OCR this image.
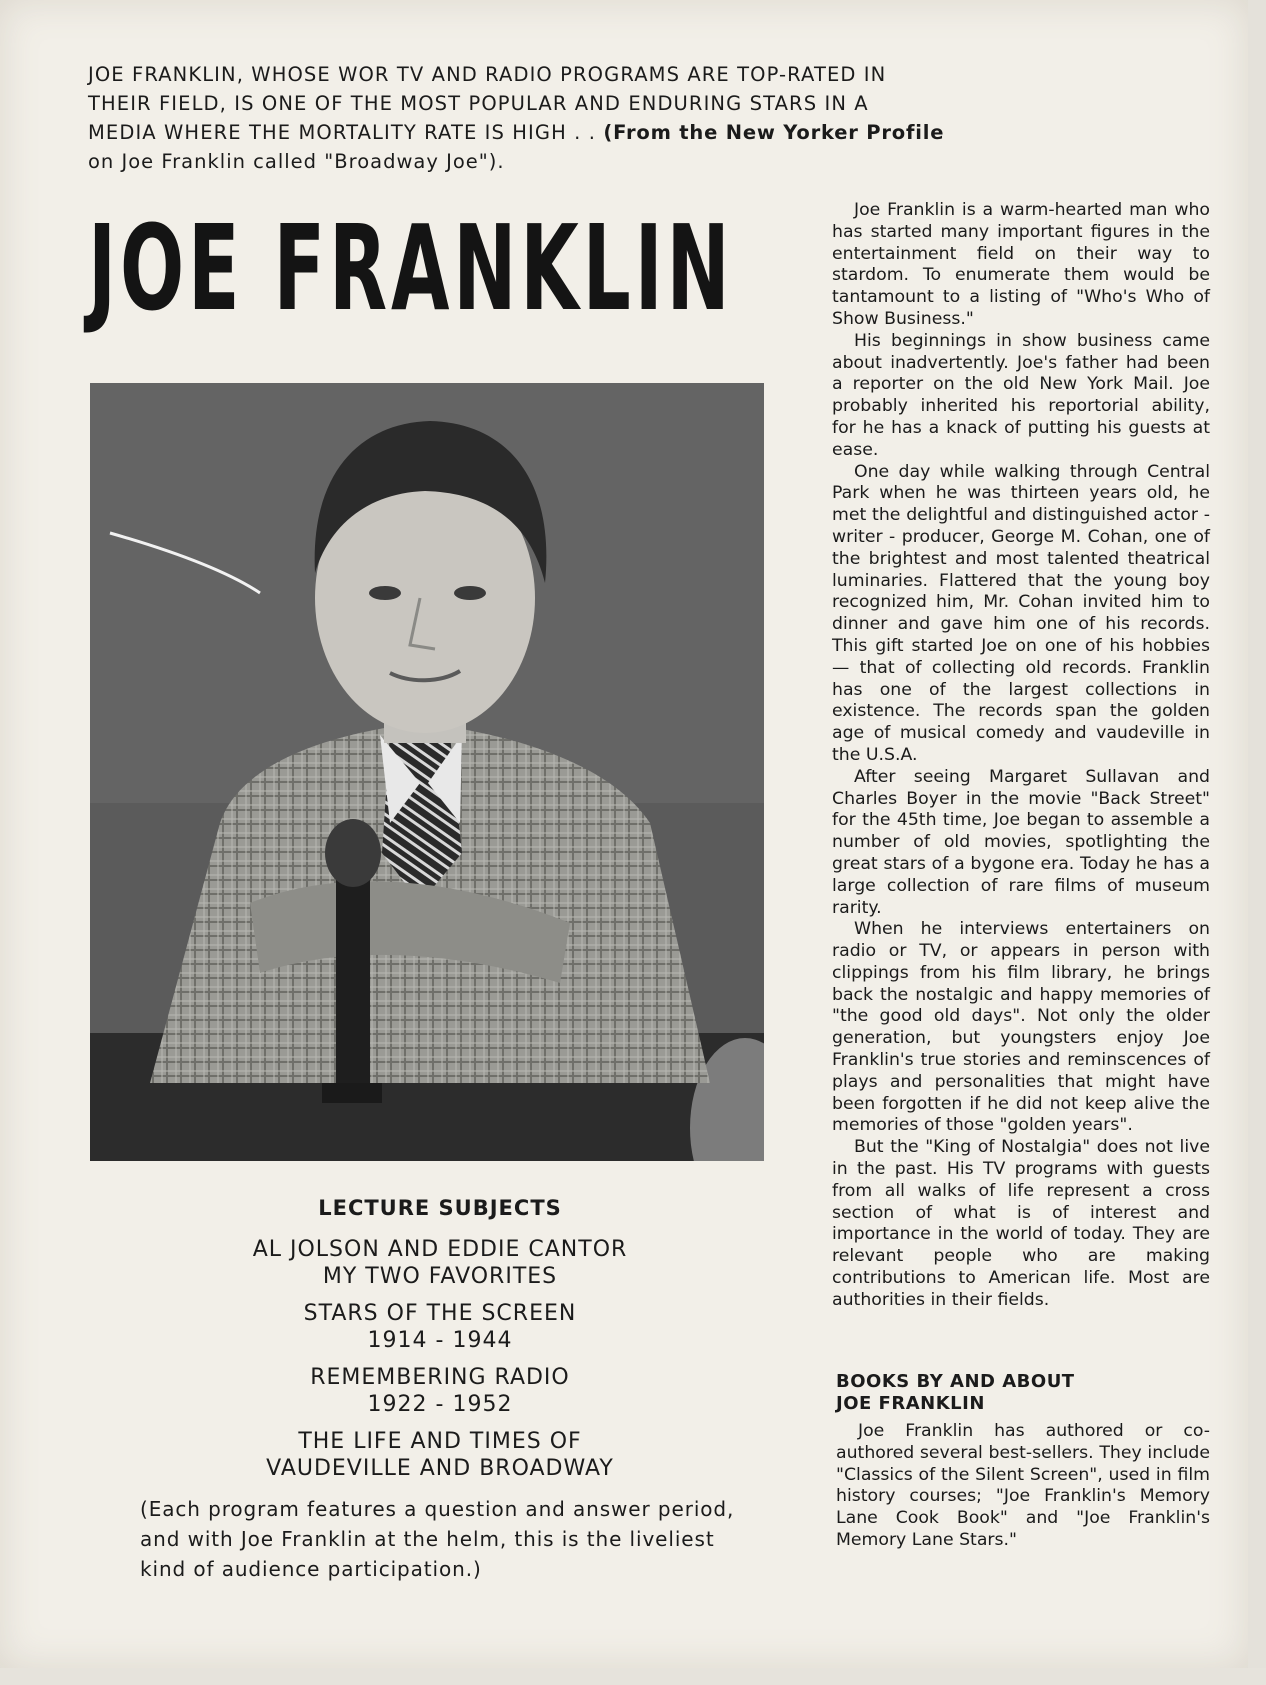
JOE FRANKLIN, WHOSE WOR TV AND RADIO PROGRAMS ARE TOP-RATED IN
THEIR FIELD, IS ONE OF THE MOST POPULAR AND ENDURING STARS IN A
MEDIA WHERE THE MORTALITY RATE IS HIGH . . (From the New Yorker Profile
on Joe Franklin called "Broadway Joe").
JOE FRANKLIN
LECTURE SUBJECTS
AL JOLSON AND EDDIE CANTOR
MY TWO FAVORITES
STARS OF THE SCREEN
1914 - 1944
REMEMBERING RADIO
1922 - 1952
THE LIFE AND TIMES OF
VAUDEVILLE AND BROADWAY
(Each program features a question and answer period,
and with Joe Franklin at the helm, this is the liveliest
kind of audience participation.)

Joe Franklin is a warm-hearted man who has started many important figures in the entertainment field on their way to stardom. To enumerate them would be tantamount to a listing of "Who's Who of Show Business."

His beginnings in show business came about inadvertently. Joe's father had been a reporter on the old New York Mail. Joe probably inherited his reportorial ability, for he has a knack of putting his guests at ease.

One day while walking through Central Park when he was thirteen years old, he met the delightful and distinguished actor - writer - producer, George M. Cohan, one of the brightest and most talented theatrical luminaries. Flattered that the young boy recognized him, Mr. Cohan invited him to dinner and gave him one of his records. This gift started Joe on one of his hobbies — that of collecting old records. Franklin has one of the largest collections in existence. The records span the golden age of musical comedy and vaudeville in the U.S.A.

After seeing Margaret Sullavan and Charles Boyer in the movie "Back Street" for the 45th time, Joe began to assemble a number of old movies, spotlighting the great stars of a bygone era. Today he has a large collection of rare films of museum rarity.

When he interviews entertainers on radio or TV, or appears in person with clippings from his film library, he brings back the nostalgic and happy memories of "the good old days". Not only the older generation, but youngsters enjoy Joe Franklin's true stories and reminscences of plays and personalities that might have been forgotten if he did not keep alive the memories of those "golden years".

But the "King of Nostalgia" does not live in the past. His TV programs with guests from all walks of life represent a cross section of what is of interest and importance in the world of today. They are relevant people who are making contributions to American life. Most are authorities in their fields.

BOOKS BY AND ABOUT
JOE FRANKLIN

Joe Franklin has authored or co-authored several best-sellers. They include "Classics of the Silent Screen", used in film history courses; "Joe Franklin's Memory Lane Cook Book" and "Joe Franklin's Memory Lane Stars."
